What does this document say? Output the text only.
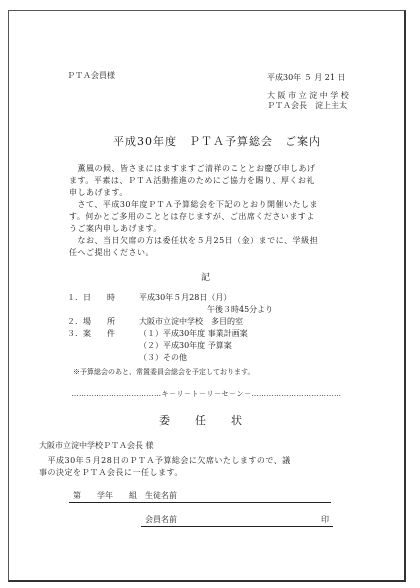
ＰＴＡ会員様	平成30年 ５ 月 21 日
大 阪 市 立 淀 中 学 校
ＰＴＡ会長　淀上主太
平成30年度　ＰＴＡ予算総会　ご案内
　薫風の候、皆さまにはますますご清祥のこととお慶び申しあげ
ます。平素は、ＰＴＡ活動推進のためにご協力を賜り、厚くお礼
申しあげます。
　さて、平成30年度ＰＴＡ予算総会を下記のとおり開催いたしま
す。何かとご多用のこととは存じますが、ご出席くださいますよ
うご案内申しあげます。
　なお、当日欠席の方は委任状を５月25日（金）までに、学級担
任へご提出ください。
記
１．日　　時	平成30年５月28日（月）
午後３時45分より
２．場　　所	大阪市立淀中学校　多目的室
３．案　　件	（１）平成30年度 事業計画案
（２）平成30年度 予算案
（３）その他
※予算総会のあと、常置委員会総会を予定しております。
………………………………キ－リ－ト－リ－セ－ン－………………………………
委　　任　　状
大阪市立淀中学校ＰＴＡ会長 様
　平成30年５月28日のＰＴＡ予算総会に欠席いたしますので、議
事の決定をＰＴＡ会長に一任します。
第　　学年　　組　生徒名前
会員名前	印
